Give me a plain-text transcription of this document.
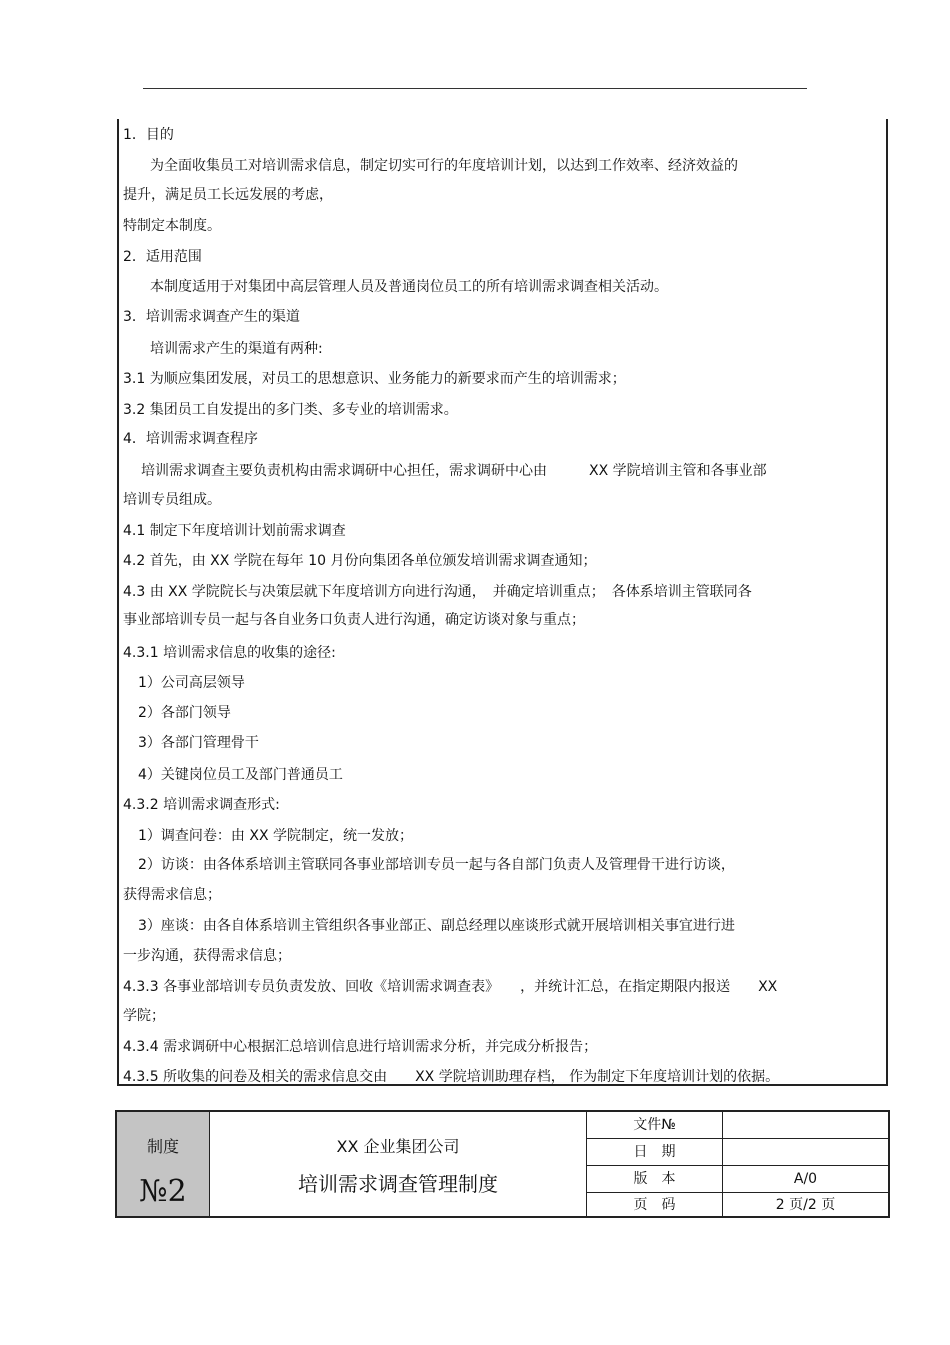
1．目的
为全面收集员工对培训需求信息，制定切实可行的年度培训计划，以达到工作效率、经济效益的
提升，满足员工长远发展的考虑，
特制定本制度。
2．适用范围
本制度适用于对集团中高层管理人员及普通岗位员工的所有培训需求调查相关活动。
3．培训需求调查产生的渠道
培训需求产生的渠道有两种:
3.1 为顺应集团发展，对员工的思想意识、业务能力的新要求而产生的培训需求；
3.2 集团员工自发提出的多门类、多专业的培训需求。
4．培训需求调查程序
培训需求调查主要负责机构由需求调研中心担任，需求调研中心由　　　XX 学院培训主管和各事业部
培训专员组成。
4.1 制定下年度培训计划前需求调查
4.2 首先，由 XX 学院在每年 10 月份向集团各单位颁发培训需求调查通知；
4.3 由 XX 学院院长与决策层就下年度培训方向进行沟通，　并确定培训重点；　各体系培训主管联同各
事业部培训专员一起与各自业务口负责人进行沟通，确定访谈对象与重点；
4.3.1 培训需求信息的收集的途径:
1）公司高层领导
2）各部门领导
3）各部门管理骨干
4）关键岗位员工及部门普通员工
4.3.2 培训需求调查形式:
1）调查问卷：由 XX 学院制定，统一发放；
2）访谈：由各体系培训主管联同各事业部培训专员一起与各自部门负责人及管理骨干进行访谈，
获得需求信息；
3）座谈：由各自体系培训主管组织各事业部正、副总经理以座谈形式就开展培训相关事宜进行进
一步沟通，获得需求信息；
4.3.3 各事业部培训专员负责发放、回收《培训需求调查表》　　，并统计汇总，在指定期限内报送　　XX
学院；
4.3.4 需求调研中心根据汇总培训信息进行培训需求分析，并完成分析报告；
4.3.5 所收集的问卷及相关的需求信息交由　　XX 学院培训助理存档， 作为制定下年度培训计划的依据。
制度
№2
XX 企业集团公司
培训需求调查管理制度
文件№
日　期
版　本	A/0
页　码	2 页/2 页
